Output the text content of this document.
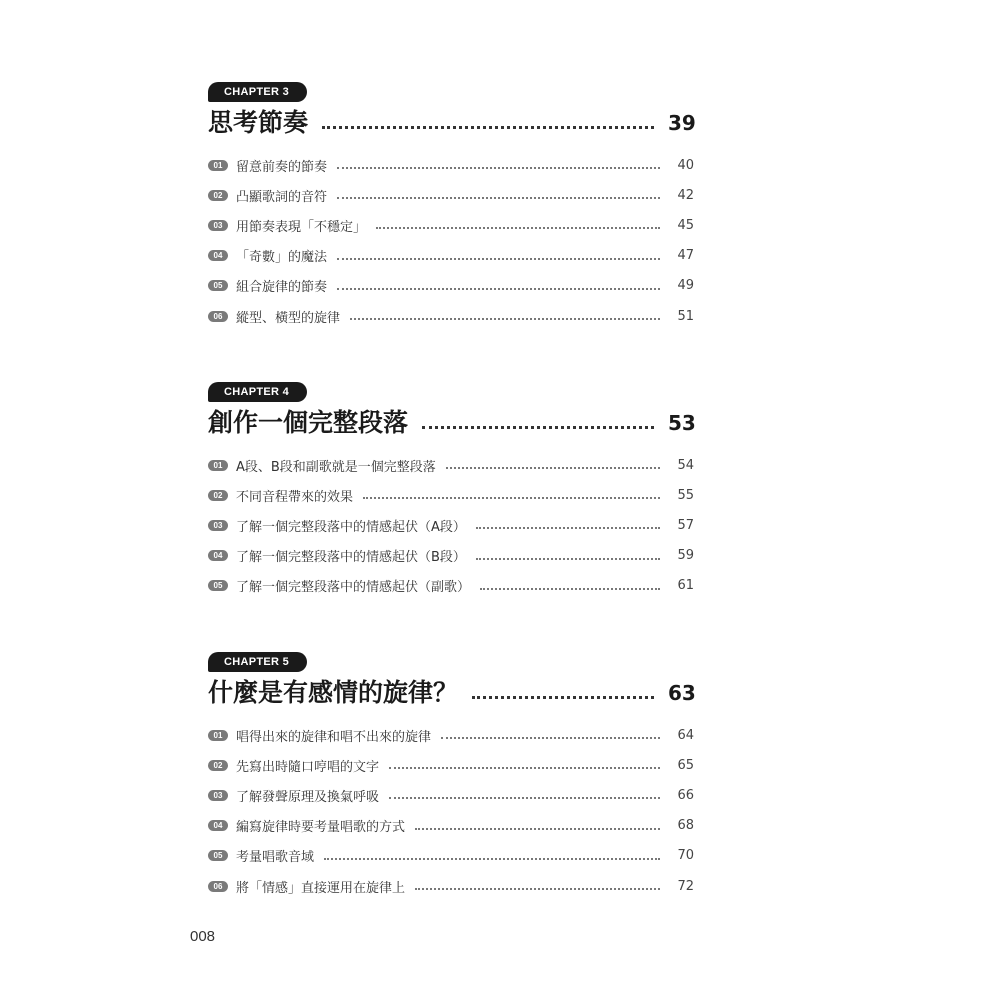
CHAPTER 3
思考節奏	39
01	留意前奏的節奏	40
02	凸顯歌詞的音符	42
03	用節奏表現「不穩定」	45
04	「奇數」的魔法	47
05	組合旋律的節奏	49
06	縱型、橫型的旋律	51
CHAPTER 4
創作一個完整段落	53
01	A段、B段和副歌就是一個完整段落	54
02	不同音程帶來的效果	55
03	了解一個完整段落中的情感起伏（A段）	57
04	了解一個完整段落中的情感起伏（B段）	59
05	了解一個完整段落中的情感起伏（副歌）	61
CHAPTER 5
什麼是有感情的旋律？	63
01	唱得出來的旋律和唱不出來的旋律	64
02	先寫出時隨口哼唱的文字	65
03	了解發聲原理及換氣呼吸	66
04	編寫旋律時要考量唱歌的方式	68
05	考量唱歌音域	70
06	將「情感」直接運用在旋律上	72
008
